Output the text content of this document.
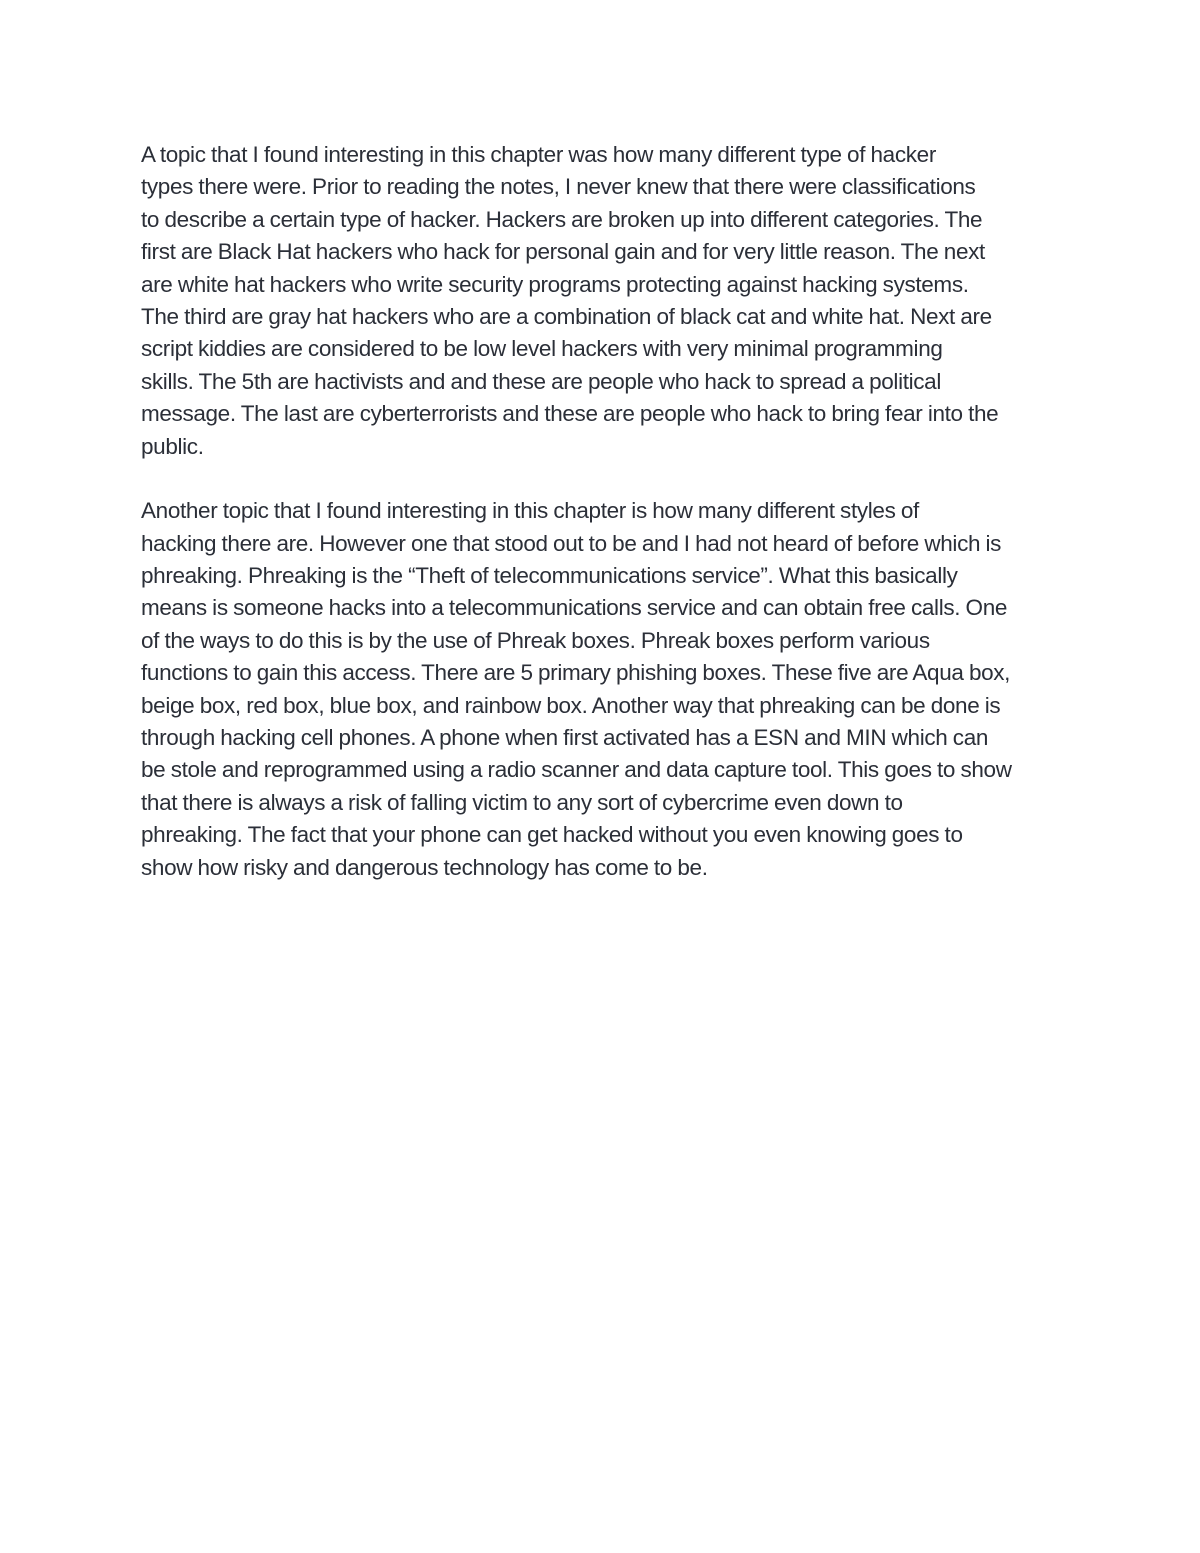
A topic that I found interesting in this chapter was how many different type of hacker
types there were. Prior to reading the notes, I never knew that there were classifications
to describe a certain type of hacker. Hackers are broken up into different categories. The
first are Black Hat hackers who hack for personal gain and for very little reason. The next
are white hat hackers who write security programs protecting against hacking systems.
The third are gray hat hackers who are a combination of black cat and white hat. Next are
script kiddies are considered to be low level hackers with very minimal programming
skills. The 5th are hactivists and and these are people who hack to spread a political
message. The last are cyberterrorists and these are people who hack to bring fear into the
public.
Another topic that I found interesting in this chapter is how many different styles of
hacking there are. However one that stood out to be and I had not heard of before which is
phreaking. Phreaking is the “Theft of telecommunications service”. What this basically
means is someone hacks into a telecommunications service and can obtain free calls. One
of the ways to do this is by the use of Phreak boxes. Phreak boxes perform various
functions to gain this access. There are 5 primary phishing boxes. These five are Aqua box,
beige box, red box, blue box, and rainbow box. Another way that phreaking can be done is
through hacking cell phones. A phone when first activated has a ESN and MIN which can
be stole and reprogrammed using a radio scanner and data capture tool. This goes to show
that there is always a risk of falling victim to any sort of cybercrime even down to
phreaking. The fact that your phone can get hacked without you even knowing goes to
show how risky and dangerous technology has come to be.
